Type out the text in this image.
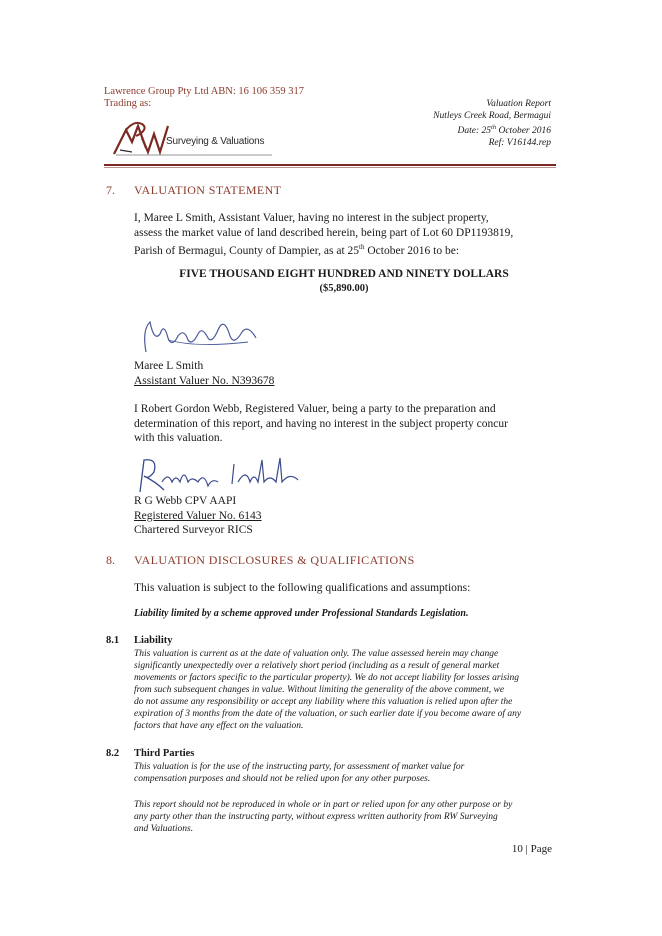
Lawrence Group Pty Ltd ABN: 16 106 359 317
Trading as:
Surveying & Valuations
Valuation Report
Nutleys Creek Road, Bermagui
Date: 25th October 2016
Ref: V16144.rep
7. VALUATION STATEMENT
I, Maree L Smith, Assistant Valuer, having no interest in the subject property,
assess the market value of land described herein, being part of Lot 60 DP1193819,
Parish of Bermagui, County of Dampier, as at 25th October 2016 to be:
FIVE THOUSAND EIGHT HUNDRED AND NINETY DOLLARS
($5,890.00)
Maree L Smith
Assistant Valuer No. N393678
I Robert Gordon Webb, Registered Valuer, being a party to the preparation and
determination of this report, and having no interest in the subject property concur
with this valuation.
R G Webb CPV AAPI
Registered Valuer No. 6143
Chartered Surveyor RICS
8. VALUATION DISCLOSURES & QUALIFICATIONS
This valuation is subject to the following qualifications and assumptions:
Liability limited by a scheme approved under Professional Standards Legislation.
8.1 Liability
This valuation is current as at the date of valuation only. The value assessed herein may change
significantly unexpectedly over a relatively short period (including as a result of general market
movements or factors specific to the particular property). We do not accept liability for losses arising
from such subsequent changes in value. Without limiting the generality of the above comment, we
do not assume any responsibility or accept any liability where this valuation is relied upon after the
expiration of 3 months from the date of the valuation, or such earlier date if you become aware of any
factors that have any effect on the valuation.
8.2 Third Parties
This valuation is for the use of the instructing party, for assessment of market value for
compensation purposes and should not be relied upon for any other purposes.
This report should not be reproduced in whole or in part or relied upon for any other purpose or by
any party other than the instructing party, without express written authority from RW Surveying
and Valuations.
10 | Page
